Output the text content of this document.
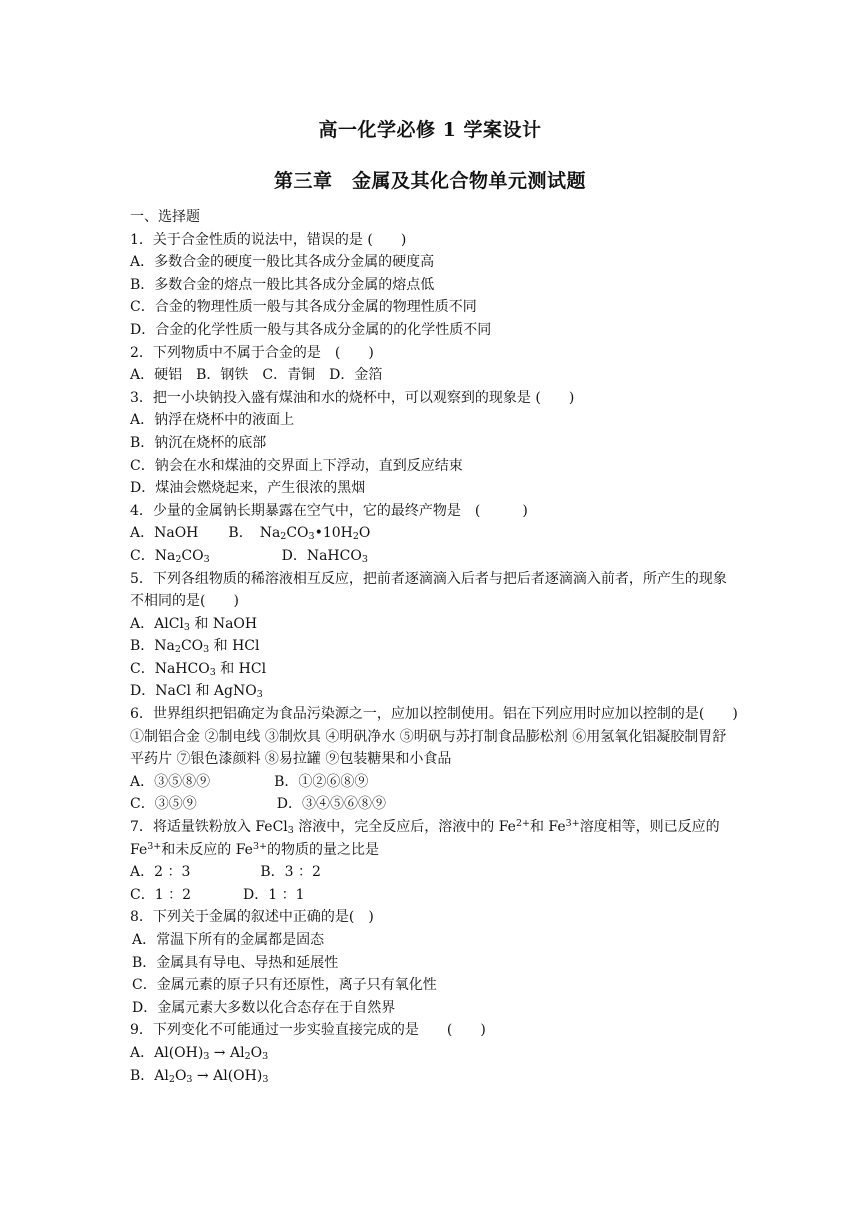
高一化学必修 1 学案设计
第三章　金属及其化合物单元测试题
一、选择题
1．关于合金性质的说法中，错误的是 (　　)
A．多数合金的硬度一般比其各成分金属的硬度高
B．多数合金的熔点一般比其各成分金属的熔点低
C．合金的物理性质一般与其各成分金属的物理性质不同
D．合金的化学性质一般与其各成分金属的的化学性质不同
2．下列物质中不属于合金的是　(　　)
A．硬铝　B．钢铁　C．青铜　D．金箔
3．把一小块钠投入盛有煤油和水的烧杯中，可以观察到的现象是 (　　)
A．钠浮在烧杯中的液面上
B．钠沉在烧杯的底部
C．钠会在水和煤油的交界面上下浮动，直到反应结束
D．煤油会燃烧起来，产生很浓的黑烟
4．少量的金属钠长期暴露在空气中，它的最终产物是　(　　　)
A．NaOH B．　$Na_2CO_3•10H_2O$
C．$Na_2CO_3$	D．NaHCO$_3$
5．下列各组物质的稀溶液相互反应，把前者逐滴滴入后者与把后者逐滴滴入前者，所产生的现象不相同的是(　　)
A．AlCl$_3$ 和 NaOH
B．$Na_2CO_3$ 和 HCl
C．NaHCO$_3$ 和 HCl
D．NaCl 和 AgNO$_3$
6．世界组织把铝确定为食品污染源之一，应加以控制使用。铝在下列应用时应加以控制的是(　　)
①制铝合金 ②制电线 ③制炊具 ④明矾净水 ⑤明矾与苏打制食品膨松剂 ⑥用氢氧化铝凝胶制胃舒平药片 ⑦银色漆颜料 ⑧易拉罐 ⑨包装糖果和小食品
A．③⑤⑧⑨	B．①②⑥⑧⑨
C．③⑤⑨	D．③④⑤⑥⑧⑨
7．将适量铁粉放入 FeCl$_3$ 溶液中，完全反应后，溶液中的 $Fe^{2+}$和 $Fe^{3+}$溶度相等，则已反应的 $Fe^{3+}$和未反应的 $Fe^{3+}$的物质的量之比是
A．2 ：3	B．3 ：2
C．1 ：2	D．1 ：1
8．下列关于金属的叙述中正确的是(　)
A．常温下所有的金属都是固态
B．金属具有导电、导热和延展性
C．金属元素的原子只有还原性，离子只有氧化性
D．金属元素大多数以化合态存在于自然界
9．下列变化不可能通过一步实验直接完成的是　　(　　)
A．$Al(OH)_3 \to Al_2O_3$
B．$Al_2O_3 \to Al(OH)_3$
